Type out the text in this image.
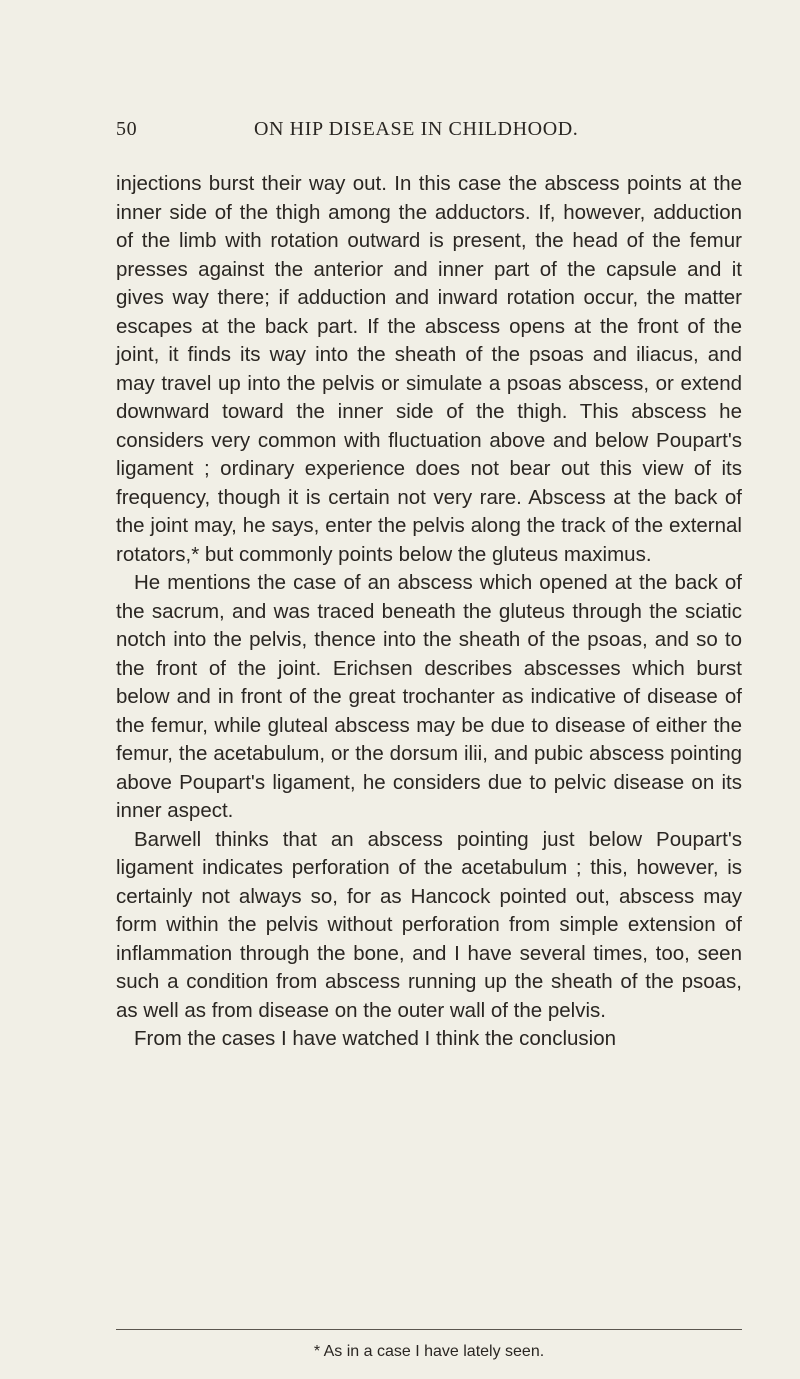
50	ON HIP DISEASE IN CHILDHOOD.

injections burst their way out. In this case the abscess points at the inner side of the thigh among the adductors. If, however, adduction of the limb with rotation outward is present, the head of the femur presses against the anterior and inner part of the capsule and it gives way there; if adduction and inward rotation occur, the matter escapes at the back part. If the abscess opens at the front of the joint, it finds its way into the sheath of the psoas and iliacus, and may travel up into the pelvis or simulate a psoas abscess, or extend downward toward the inner side of the thigh. This abscess he considers very common with fluctuation above and below Poupart's ligament ; ordinary experience does not bear out this view of its frequency, though it is certain not very rare. Abscess at the back of the joint may, he says, enter the pelvis along the track of the external rotators,* but commonly points below the gluteus maximus.

He mentions the case of an abscess which opened at the back of the sacrum, and was traced beneath the gluteus through the sciatic notch into the pelvis, thence into the sheath of the psoas, and so to the front of the joint. Erichsen describes abscesses which burst below and in front of the great trochanter as indicative of disease of the femur, while gluteal abscess may be due to disease of either the femur, the acetabulum, or the dorsum ilii, and pubic abscess pointing above Poupart's ligament, he considers due to pelvic disease on its inner aspect.

Barwell thinks that an abscess pointing just below Poupart's ligament indicates perforation of the acetabulum ; this, however, is certainly not always so, for as Hancock pointed out, abscess may form within the pelvis without perforation from simple extension of inflammation through the bone, and I have several times, too, seen such a condition from abscess running up the sheath of the psoas, as well as from disease on the outer wall of the pelvis.

From the cases I have watched I think the conclusion

* As in a case I have lately seen.
